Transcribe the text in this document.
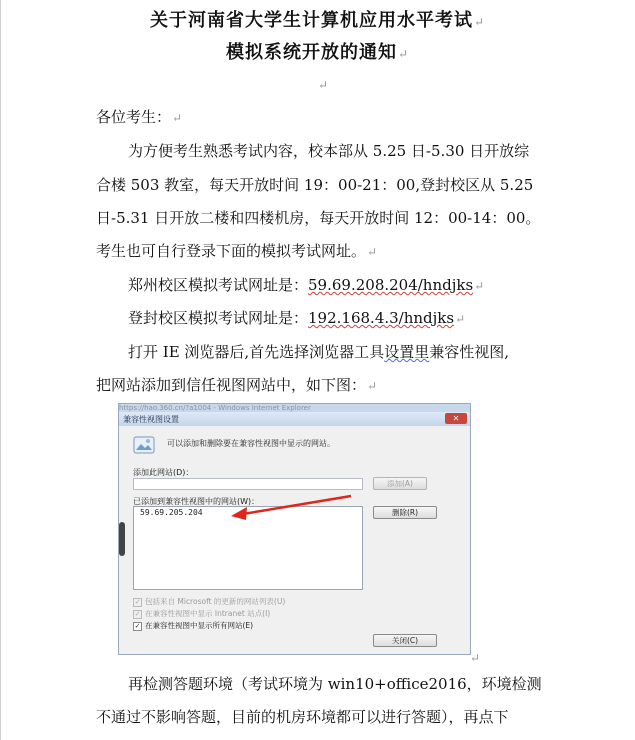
关于河南省大学生计算机应用水平考试↵
模拟系统开放的通知↵
↵
各位考生：↵
为方便考生熟悉考试内容，校本部从 5.25 日-5.30 日开放综
合楼 503 教室，每天开放时间 19：00-21：00,登封校区从 5.25
日-5.31 日开放二楼和四楼机房，每天开放时间 12：00-14：00。
考生也可自行登录下面的模拟考试网址。↵
郑州校区模拟考试网址是：59.69.208.204/hndjks↵
登封校区模拟考试网址是：192.168.4.3/hndjks↵
打开 IE 浏览器后,首先选择浏览器工具设置里兼容性视图,
把网站添加到信任视图网站中，如下图：↵
https://hao.360.cn/?a1004 - Windows Internet Explorer
兼容性视图设置	✕
可以添加和删除要在兼容性视图中显示的网站。
添加此网站(D)：
添加(A)
已添加到兼容性视图中的网站(W)：
59.69.205.204	删除(R)
✓ 包括来自 Microsoft 的更新的网站列表(U)
✓ 在兼容性视图中显示 Intranet 站点(I)
✓ 在兼容性视图中显示所有网站(E)
关闭(C)
↵
再检测答题环境（考试环境为 win10+office2016，环境检测
不通过不影响答题，目前的机房环境都可以进行答题），再点下
